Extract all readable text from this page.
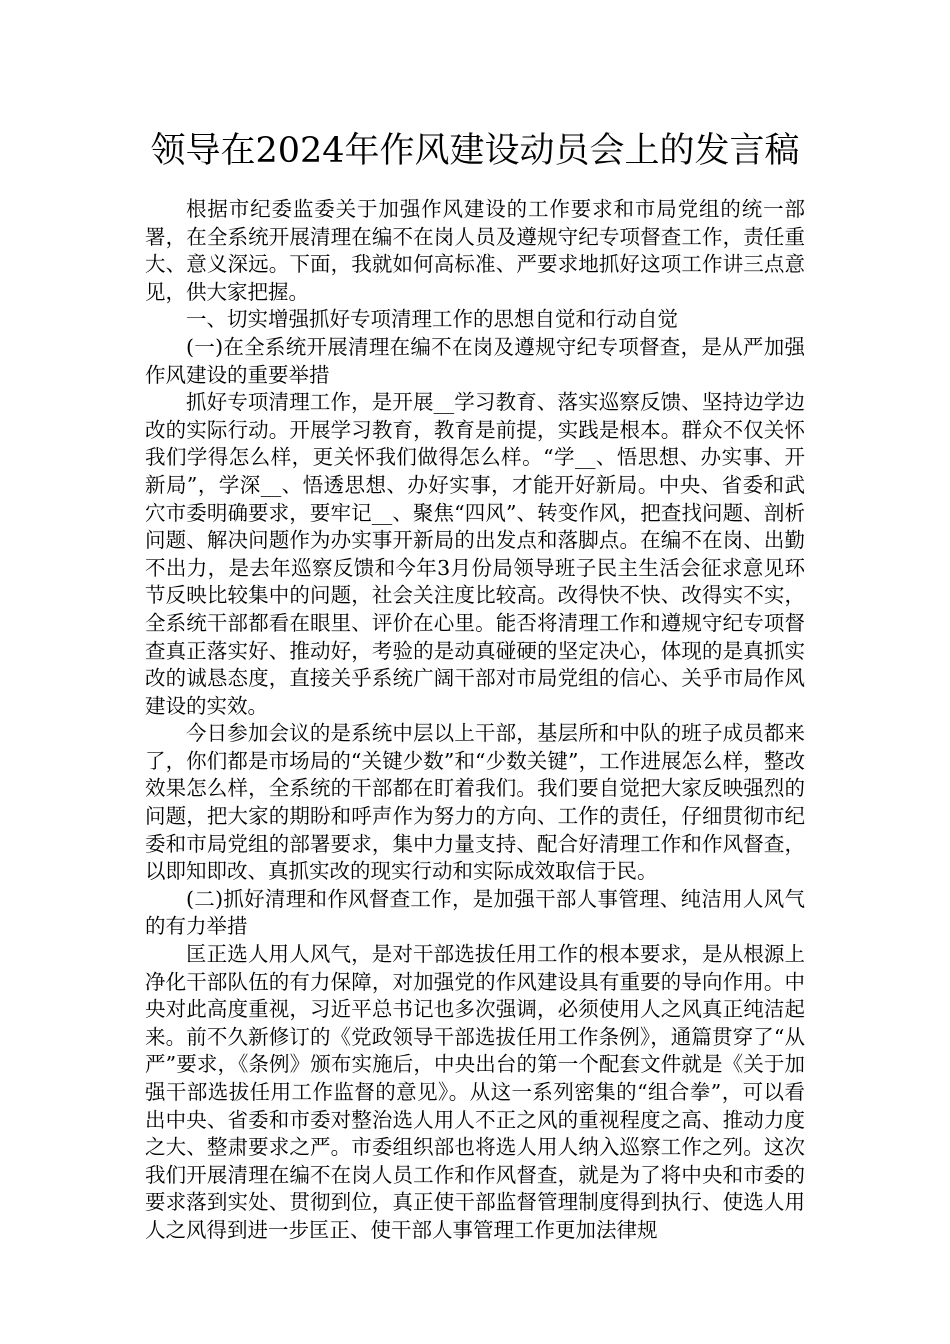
领导在2024年作风建设动员会上的发言稿

根据市纪委监委关于加强作风建设的工作要求和市局党组的统一部署，在全系统开展清理在编不在岗人员及遵规守纪专项督查工作，责任重大、意义深远。下面，我就如何高标准、严要求地抓好这项工作讲三点意见，供大家把握。

一、切实增强抓好专项清理工作的思想自觉和行动自觉

(一)在全系统开展清理在编不在岗及遵规守纪专项督查，是从严加强作风建设的重要举措

抓好专项清理工作，是开展__学习教育、落实巡察反馈、坚持边学边改的实际行动。开展学习教育，教育是前提，实践是根本。群众不仅关怀我们学得怎么样，更关怀我们做得怎么样。“学__、悟思想、办实事、开新局”，学深__、悟透思想、办好实事，才能开好新局。中央、省委和武穴市委明确要求，要牢记__、聚焦“四风”、转变作风，把查找问题、剖析问题、解决问题作为办实事开新局的出发点和落脚点。在编不在岗、出勤不出力，是去年巡察反馈和今年3月份局领导班子民主生活会征求意见环节反映比较集中的问题，社会关注度比较高。改得快不快、改得实不实，全系统干部都看在眼里、评价在心里。能否将清理工作和遵规守纪专项督查真正落实好、推动好，考验的是动真碰硬的坚定决心，体现的是真抓实改的诚恳态度，直接关乎系统广阔干部对市局党组的信心、关乎市局作风建设的实效。

今日参加会议的是系统中层以上干部，基层所和中队的班子成员都来了，你们都是市场局的“关键少数”和“少数关键”，工作进展怎么样，整改效果怎么样，全系统的干部都在盯着我们。我们要自觉把大家反映强烈的问题，把大家的期盼和呼声作为努力的方向、工作的责任，仔细贯彻市纪委和市局党组的部署要求，集中力量支持、配合好清理工作和作风督查，以即知即改、真抓实改的现实行动和实际成效取信于民。

(二)抓好清理和作风督查工作，是加强干部人事管理、纯洁用人风气的有力举措

匡正选人用人风气，是对干部选拔任用工作的根本要求，是从根源上净化干部队伍的有力保障，对加强党的作风建设具有重要的导向作用。中央对此高度重视，习近平总书记也多次强调，必须使用人之风真正纯洁起来。前不久新修订的《党政领导干部选拔任用工作条例》，通篇贯穿了“从严”要求，《条例》颁布实施后，中央出台的第一个配套文件就是《关于加强干部选拔任用工作监督的意见》。从这一系列密集的“组合拳”，可以看出中央、省委和市委对整治选人用人不正之风的重视程度之高、推动力度之大、整肃要求之严。市委组织部也将选人用人纳入巡察工作之列。这次我们开展清理在编不在岗人员工作和作风督查，就是为了将中央和市委的要求落到实处、贯彻到位，真正使干部监督管理制度得到执行、使选人用人之风得到进一步匡正、使干部人事管理工作更加法律规
